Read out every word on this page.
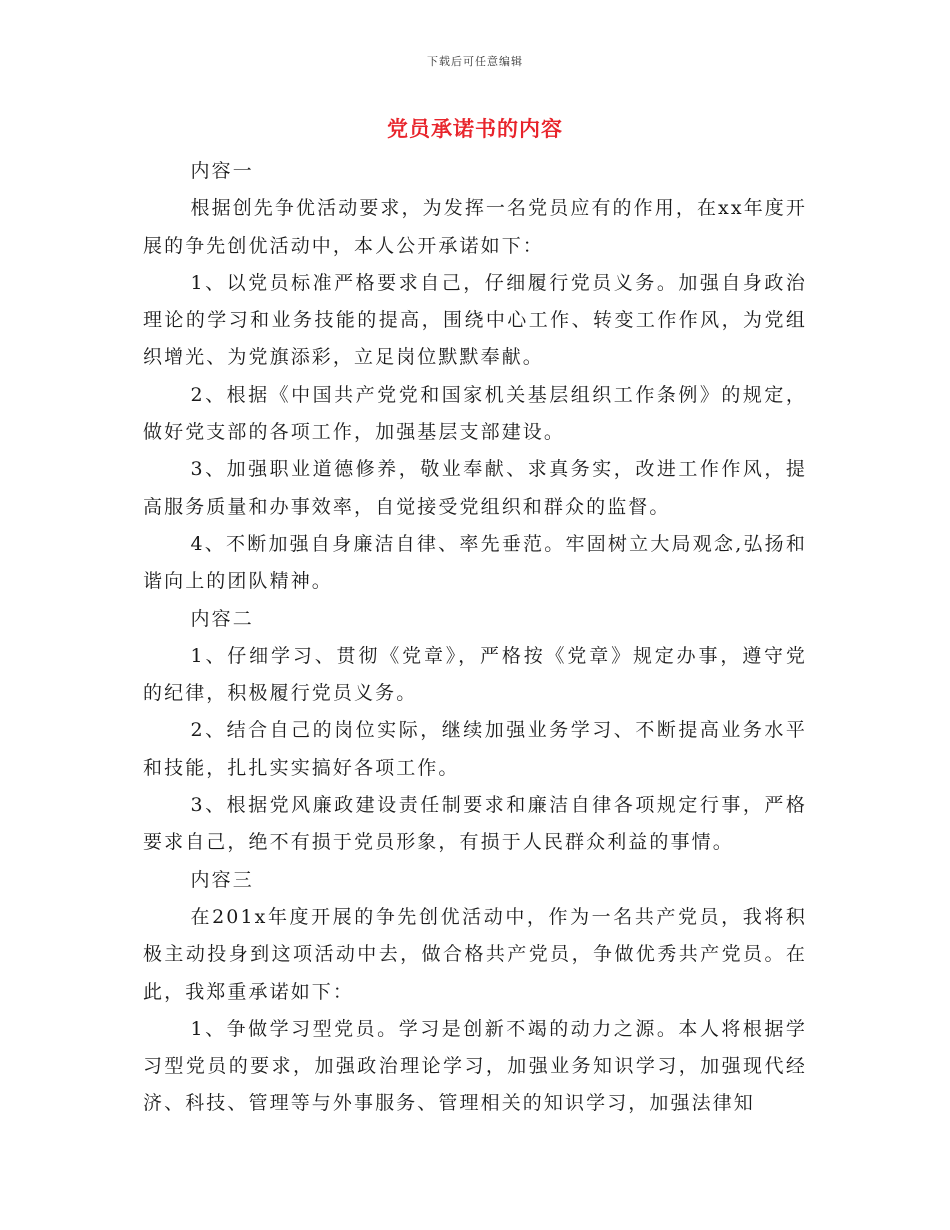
下载后可任意编辑
党员承诺书的内容

内容一

根据创先争优活动要求，为发挥一名党员应有的作用，在xx年度开展的争先创优活动中，本人公开承诺如下：

1、以党员标准严格要求自己，仔细履行党员义务。加强自身政治理论的学习和业务技能的提高，围绕中心工作、转变工作作风，为党组织增光、为党旗添彩，立足岗位默默奉献。

2、根据《中国共产党党和国家机关基层组织工作条例》的规定，做好党支部的各项工作，加强基层支部建设。

3、加强职业道德修养，敬业奉献、求真务实，改进工作作风，提高服务质量和办事效率，自觉接受党组织和群众的监督。

4、不断加强自身廉洁自律、率先垂范。牢固树立大局观念,弘扬和谐向上的团队精神。

内容二

1、仔细学习、贯彻《党章》，严格按《党章》规定办事，遵守党的纪律，积极履行党员义务。

2、结合自己的岗位实际，继续加强业务学习、不断提高业务水平和技能，扎扎实实搞好各项工作。

3、根据党风廉政建设责任制要求和廉洁自律各项规定行事，严格要求自己，绝不有损于党员形象，有损于人民群众利益的事情。

内容三

在201x年度开展的争先创优活动中，作为一名共产党员，我将积极主动投身到这项活动中去，做合格共产党员，争做优秀共产党员。在此，我郑重承诺如下：

1、争做学习型党员。学习是创新不竭的动力之源。本人将根据学习型党员的要求，加强政治理论学习，加强业务知识学习，加强现代经济、科技、管理等与外事服务、管理相关的知识学习，加强法律知
